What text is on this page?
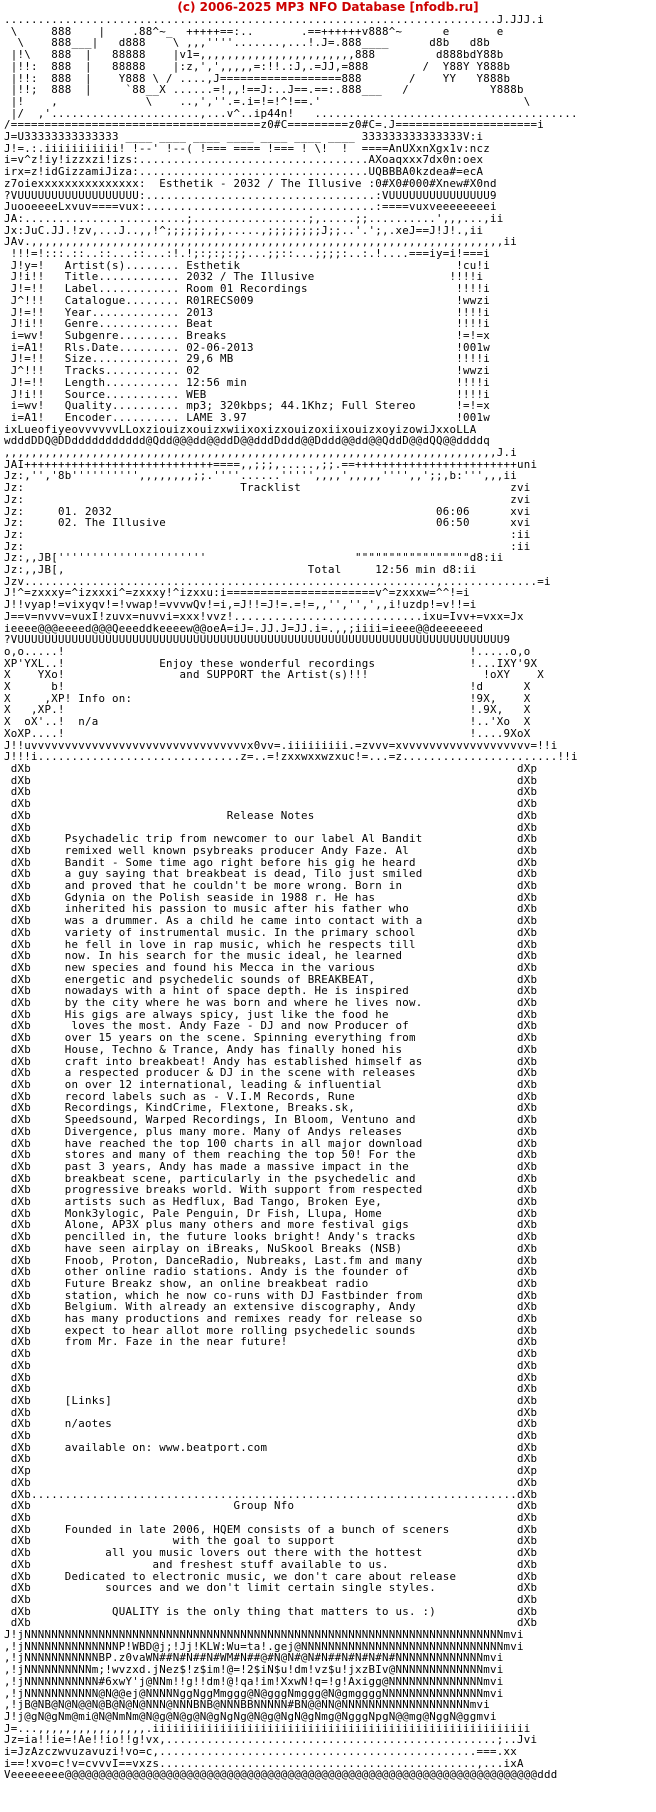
(c) 2006-2025 MP3 NFO Database [nfodb.ru]
.........................................................................J.JJJ.i
\     888    |    .88^~_  +++++==:..       .==++++++v888^~      e       e
\    888___|   d888    \ ,,,''''.......,...!.J=.888____      d8b   d8b
|!\   888  |   88888    |v1=,,,,,,,,,,,,,,,,,,,,,,,888         d888bdY88b
|!!:  888  |   88888    |:z,',',,,,,=:!!.:J,.=JJ,=888        /  Y88Y Y888b
|!!:  888  |    Y888 \ / ....,J==================888       /    YY   Y888b
|!!;  888  |     `88__X ......=!,,!==J:..J==.==:.888___   /            Y888b
|!    ,             \    ..,',''.=.i=!=!^!==.'                              \
|/  ,'......................,...v^..ip44n!   .......................................
/=====================================z0#C=========z0#C=.J=====================i
J=U33333333333333 ____ ____ ____ ____ ____ ____ ____ 333333333333333V:i
J!=.:.iiiiiiiiiii! !--' !--( !=== ==== !=== ! \!  !  ====AnUXxnXgx1v:ncz
i=v^z!iy!izzxzi!izs:..................................AXoaqxxx7dx0n:oex
irx=z!idGizzamiJiza:..................................UQBBBA0kzdea#=ecA
z7oiexxxxxxxxxxxxxxx:  Esthetik - 2032 / The Illusive :0#X0#000#Xnew#X0nd
?VUUUUUUUUUUUUUUUUUU:..................................:VUUUUUUUUUUUUUUU9
JuooeeeeLxvuv====vux:..................................:====vuxveeeeeeeei
JA:........................;.................;,.....;;..........',,,...,ii
Jx:JuC.JJ.!zv,...J..,,!^;;;;;;,;,.....,;;;;;;;;J;;..'.';,.xeJ==J!J!.,ii
JAv.,,,,,,,,,,,,,,,,,,,,,,,,,,,,,,,,,,,,,,,,,,,,,,,,,,,,,,,,,,,,,,,,,,,,,,ii
!!!=!:::.::..::...::...:!.!;:;:;:;;...;;::...;;;;:..:.!....===iy=i!===i
J!y=!   Artist(s)........ Esthetik                                !cu!i
J!i!!   Title............ 2032 / The Illusive                    !!!!i
J!=!!   Label............ Room 01 Recordings                      !!!!i
J^!!!   Catalogue........ R01RECS009                              !wwzi
J!=!!   Year............. 2013                                    !!!!i
J!i!!   Genre............ Beat                                    !!!!i
i=wv!   Subgenre......... Breaks                                  !=!=x
i=A1!   Rls.Date......... 02-06-2013                              !001w
J!=!!   Size............. 29,6 MB                                 !!!!i
J^!!!   Tracks........... 02                                      !wwzi
J!=!!   Length........... 12:56 min                               !!!!i
J!i!!   Source........... WEB                                     !!!!i
i=wv!   Quality.......... mp3; 320kbps; 44.1Khz; Full Stereo      !=!=x
i=A1!   Encoder.......... LAME 3.97                               !001w
ixLueofiyeovvvvvvLLoxziouizxouizxwiixoxizxouizoxiixouizxoyizowiJxxoLLA
wdddDDQ@DDddddddddddd@Qdd@@@dd@@ddD@@dddDddd@@Dddd@@dd@@QddD@@dQQ@@ddddq
,,,,,,,,,,,,,,,,,,,,,,,,,,,,,,,,,,,,,,,,,,,,,,,,,,,,,,,,,,,,,,,,,,,,,,,,,J.i
JAI++++++++++++++++++++++++++++====,,;;;,.....,;;.==++++++++++++++++++++++++uni
Jz:,'','8b'''''''''',,,,,,,,;;.''''......''''',,,,',,,,,'''',,';;,b:''',,,ii
Jz:                                Tracklist                               zvi
Jz:                                                                        zvi
Jz:     01. 2032                                                06:06      xvi
Jz:     02. The Illusive                                        06:50      xvi
Jz:                                                                        :ii
Jz:                                                                        :ii
Jz:,,JB[''''''''''''''''''''''                      """""""""""""""""d8:ii
Jz:,,JB[,                                    Total     12:56 min d8:ii
Jzv.............................................................,..............=i
J!^=zxxxy=^izxxxi^=zxxxy!^izxxu:i======================v^=zxxxw=^^!=i
J!!vyap!=vixyqv!=!vwap!=vvvwQv!=i,=J!!=J!=.=!=,,'','',',,i!uzdp!=v!!=i
J==v=nvvv=vuxI!zuvx=nuvvi=xxx!vvz!............................ixu=Ivv+=vxx=Jx
ieeee@@@eeeed@@@Qeeeddkeeeew@@oeA=iJ=.JJ.J=JJ.i=.,,;iiii=ieee@@deeeeeed
?VUUUUUUUUUUUUUUUUUUUUUUUUUUUUUUUUUUUUUUUUUUUUUUUUUUUUUUUUUUUUUUUUUUUUUUUU9
o,o.....!                                                            !.....o,o
XP'YXL..!              Enjoy these wonderful recordings              !...IXY'9X
X    YXo!                 and SUPPORT the Artist(s)!!!                 !oXY    X
X      b!                                                            !d      X
X     ,XP! Info on:                                                  !9X,    X
X   ,XP.!                                                            !.9X,   X
X  oX'..!  n/a                                                       !..'Xo  X
XoXP....!                                                            !....9XoX
J!!uvvvvvvvvvvvvvvvvvvvvvvvvvvvvvvvvx0vv=.iiiiiiiii.=zvvv=xvvvvvvvvvvvvvvvvvvv=!!i
J!!!i..............................z=..=!zxxwxxwzxuc!=...=z.......................!!i
dXb                                                                        dXp
dXb                                                                        dXb
dXb                                                                        dXb
dXb                                                                        dXb
dXb                             Release Notes                              dXb
dXb                                                                        dXb
dXb     Psychadelic trip from newcomer to our label Al Bandit              dXb
dXb     remixed well known psybreaks producer Andy Faze. Al                dXb
dXb     Bandit - Some time ago right before his gig he heard               dXb
dXb     a guy saying that breakbeat is dead, Tilo just smiled              dXb
dXb     and proved that he couldn't be more wrong. Born in                 dXb
dXb     Gdynia on the Polish seaside in 1988 r. He has                     dXb
dXb     inherited his passion to music after his father who                dXb
dXb     was a drummer. As a child he came into contact with a              dXb
dXb     variety of instrumental music. In the primary school               dXb
dXb     he fell in love in rap music, which he respects till               dXb
dXb     now. In his search for the music ideal, he learned                 dXb
dXb     new species and found his Mecca in the various                     dXb
dXb     energetic and psychedelic sounds of BREAKBEAT,                     dXb
dXb     nowadays with a hint of space depth. He is inspired                dXb
dXb     by the city where he was born and where he lives now.              dXb
dXb     His gigs are always spicy, just like the food he                   dXb
dXb      loves the most. Andy Faze - DJ and now Producer of                dXb
dXb     over 15 years on the scene. Spinning everything from               dXb
dXb     House, Techno & Trance, Andy has finally honed his                 dXb
dXb     craft into breakbeat! Andy has established himself as              dXb
dXb     a respected producer & DJ in the scene with releases               dXb
dXb     on over 12 international, leading & influential                    dXb
dXb     record labels such as - V.I.M Records, Rune                        dXb
dXb     Recordings, KindCrime, Flextone, Breaks.sk,                        dXb
dXb     Speedsound, Warped Recordings, In Bloom, Ventuno and               dXb
dXb     Divergence, plus many more. Many of Andys releases                 dXb
dXb     have reached the top 100 charts in all major download              dXb
dXb     stores and many of them reaching the top 50! For the               dXb
dXb     past 3 years, Andy has made a massive impact in the                dXb
dXb     breakbeat scene, particularly in the psychedelic and               dXb
dXb     progressive breaks world. With support from respected              dXb
dXb     artists such as Hedflux, Bad Tango, Broken Eye,                    dXb
dXb     Monk3ylogic, Pale Penguin, Dr Fish, Llupa, Home                    dXb
dXb     Alone, AP3X plus many others and more festival gigs                dXb
dXb     pencilled in, the future looks bright! Andy's tracks               dXb
dXb     have seen airplay on iBreaks, NuSkool Breaks (NSB)                 dXb
dXb     Fnoob, Proton, DanceRadio, Nubreaks, Last.fm and many              dXb
dXb     other online radio stations. Andy is the founder of                dXb
dXb     Future Breakz show, an online breakbeat radio                      dXb
dXb     station, which he now co-runs with DJ Fastbinder from              dXb
dXb     Belgium. With already an extensive discography, Andy               dXb
dXb     has many productions and remixes ready for release so              dXb
dXb     expect to hear allot more rolling psychedelic sounds               dXb
dXb     from Mr. Faze in the near future!                                  dXb
dXb                                                                        dXb
dXb                                                                        dXb
dXb                                                                        dXb
dXb                                                                        dXb
dXb     [Links]                                                            dXb
dXb                                                                        dXb
dXb     n/aotes                                                            dXb
dXb                                                                        dXb
dXb     available on: www.beatport.com                                     dXb
dXb                                                                        dXb
dXp                                                                        dXp
dXb                                                                        dXb
dXb........................................................................dXb
dXb                              Group Nfo                                 dXb
dXb                                                                        dXb
dXb     Founded in late 2006, HQEM consists of a bunch of sceners          dXb
dXb                     with the goal to support                           dXb
dXb           all you music lovers out there with the hottest              dXb
dXb                  and freshest stuff available to us.                   dXb
dXb     Dedicated to electronic music, we don't care about release         dXb
dXb           sources and we don't limit certain single styles.            dXb
dXb                                                                        dXb
dXb            QUALITY is the only thing that matters to us. :)            dXb
dXb                                                                        dXb
J!jNNNNNNNNNNNNNNNNNNNNNNNNNNNNNNNNNNNNNNNNNNNNNNNNNNNNNNNNNNNNNNNNNNNNNNNmvi
,!jNNNNNNNNNNNNNNP!WBD@j;!Jj!KLW:Wu=ta!.gej@NNNNNNNNNNNNNNNNNNNNNNNNNNNNNNmvi
,!jNNNNNNNNNNNBP.z0vaWN##N#N##N#WM#N##@#N@N#@N#N##N#N#N#N#NNNNNNNNNNNNNmvi
,!jNNNNNNNNNNm;!wvzxd.jNez$!z$im!@=!2$iN$u!dm!vz$u!jxzBIv@NNNNNNNNNNNNNmvi
,!jNNNNNNNNNNN#6xwY'j@NNm!!g!!dm!@!qa!im!XxwN!q=!g!Axigg@NNNNNNNNNNNNNNmvi
,!jNNNNNNNNNNN@N@@ej@NNNNNggNggMmggg@N@gggNmggg@N@gmggggNNNNNNNNNNNNNNNmvi
,!jB@NB@N@N@@N@B@N@N@NNN@NNNBNB@NNNBBNNNNN#BN@@NN@NNNNNNNNNNNNNNNNNNNmvi
J!j@gN@gNm@mi@N@NmNm@N@g@N@g@N@gNgNg@N@g@NgN@gNmg@NgggNpgN@@mg@NggN@ggmvi
J=...,,,,,,,,,,,,,,,,.iiiiiiiiiiiiiiiiiiiiiiiiiiiiiiiiiiiiiiiiiiiiiiiiiiiiiiii
Jz=ia!!ie=!Ae!!io!!g!vx,.................................................;..Jvi
i=JzAzczwvuzavuzi!vo=c,...............................................===.xx
i==!xvo=c!v=cvvvI==vxzs...............................................,...ixA
Veeeeeeee@@@@@@@@@@@@@@@@@@@@@@@@@@@@@@@@@@@@@@@@@@@@@@@@@@@@@@@@@@@@@@@@@@@@@@ddd
